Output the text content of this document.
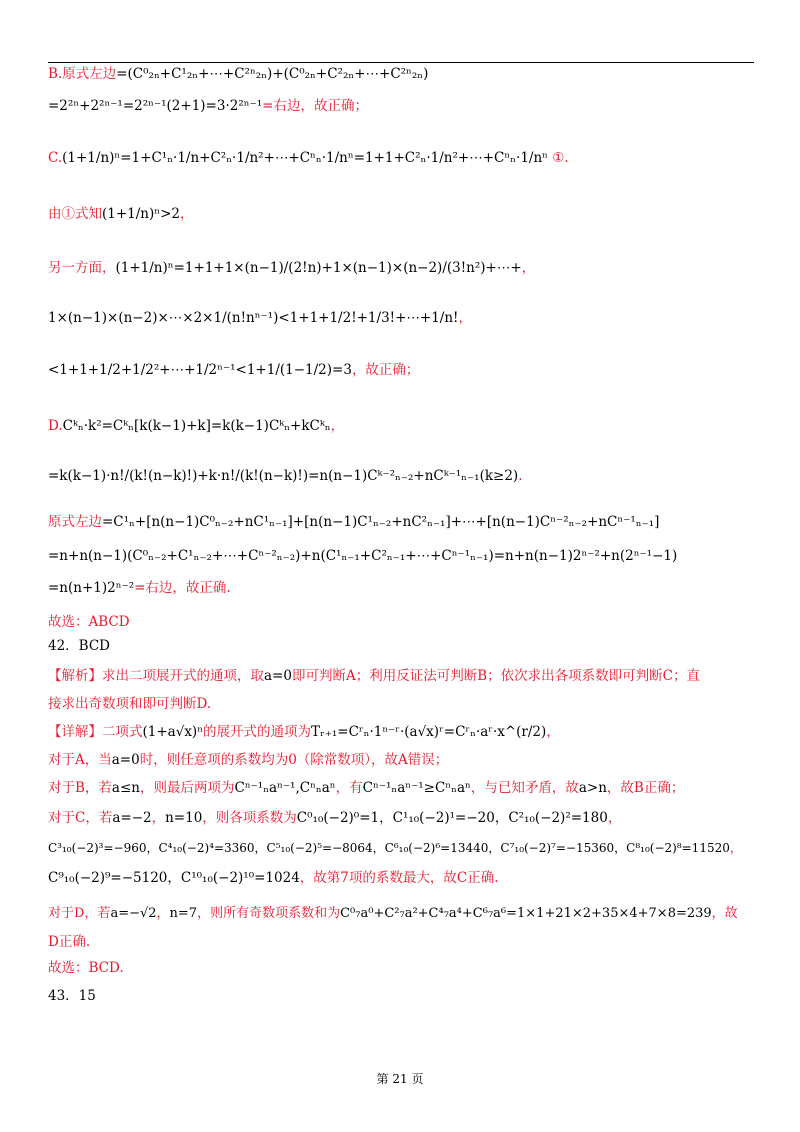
B.原式左边=(C⁰₂ₙ+C¹₂ₙ+⋯+C²ⁿ₂ₙ)+(C⁰₂ₙ+C²₂ₙ+⋯+C²ⁿ₂ₙ)
=2²ⁿ+2²ⁿ⁻¹=2²ⁿ⁻¹(2+1)=3·2²ⁿ⁻¹=右边，故正确；
C.(1+1/n)ⁿ=1+C¹ₙ·1/n+C²ₙ·1/n²+⋯+Cⁿₙ·1/nⁿ=1+1+C²ₙ·1/n²+⋯+Cⁿₙ·1/nⁿ ①.
由①式知(1+1/n)ⁿ>2，
另一方面，(1+1/n)ⁿ=1+1+1×(n−1)/(2!n)+1×(n−1)×(n−2)/(3!n²)+⋯+，
1×(n−1)×(n−2)×⋯×2×1/(n!nⁿ⁻¹)<1+1+1/2!+1/3!+⋯+1/n!，
<1+1+1/2+1/2²+⋯+1/2ⁿ⁻¹<1+1/(1−1/2)=3，故正确；
D.Cᵏₙ·k²=Cᵏₙ[k(k−1)+k]=k(k−1)Cᵏₙ+kCᵏₙ，
=k(k−1)·n!/(k!(n−k)!)+k·n!/(k!(n−k)!)=n(n−1)Cᵏ⁻²ₙ₋₂+nCᵏ⁻¹ₙ₋₁(k≥2).
原式左边=C¹ₙ+[n(n−1)C⁰ₙ₋₂+nC¹ₙ₋₁]+[n(n−1)C¹ₙ₋₂+nC²ₙ₋₁]+⋯+[n(n−1)Cⁿ⁻²ₙ₋₂+nCⁿ⁻¹ₙ₋₁]
=n+n(n−1)(C⁰ₙ₋₂+C¹ₙ₋₂+⋯+Cⁿ⁻²ₙ₋₂)+n(C¹ₙ₋₁+C²ₙ₋₁+⋯+Cⁿ⁻¹ₙ₋₁)=n+n(n−1)2ⁿ⁻²+n(2ⁿ⁻¹−1)
=n(n+1)2ⁿ⁻²=右边，故正确.
故选：ABCD
42．BCD
【解析】求出二项展开式的通项，取a=0即可判断A；利用反证法可判断B；依次求出各项系数即可判断C；直
接求出奇数项和即可判断D.
【详解】二项式(1+a√x)ⁿ的展开式的通项为Tᵣ₊₁=Cʳₙ·1ⁿ⁻ʳ·(a√x)ʳ=Cʳₙ·aʳ·x^(r/2)，
对于A，当a=0时，则任意项的系数均为0（除常数项），故A错误；
对于B，若a≤n，则最后两项为Cⁿ⁻¹ₙaⁿ⁻¹,Cⁿₙaⁿ，有Cⁿ⁻¹ₙaⁿ⁻¹≥Cⁿₙaⁿ，与已知矛盾，故a>n，故B正确；
对于C，若a=−2，n=10，则各项系数为C⁰₁₀(−2)⁰=1，C¹₁₀(−2)¹=−20，C²₁₀(−2)²=180，
C³₁₀(−2)³=−960，C⁴₁₀(−2)⁴=3360，C⁵₁₀(−2)⁵=−8064，C⁶₁₀(−2)⁶=13440，C⁷₁₀(−2)⁷=−15360，C⁸₁₀(−2)⁸=11520，
C⁹₁₀(−2)⁹=−5120，C¹⁰₁₀(−2)¹⁰=1024，故第7项的系数最大，故C正确.
对于D，若a=−√2，n=7，则所有奇数项系数和为C⁰₇a⁰+C²₇a²+C⁴₇a⁴+C⁶₇a⁶=1×1+21×2+35×4+7×8=239，故
D正确.
故选：BCD.
43．15
第 21 页
